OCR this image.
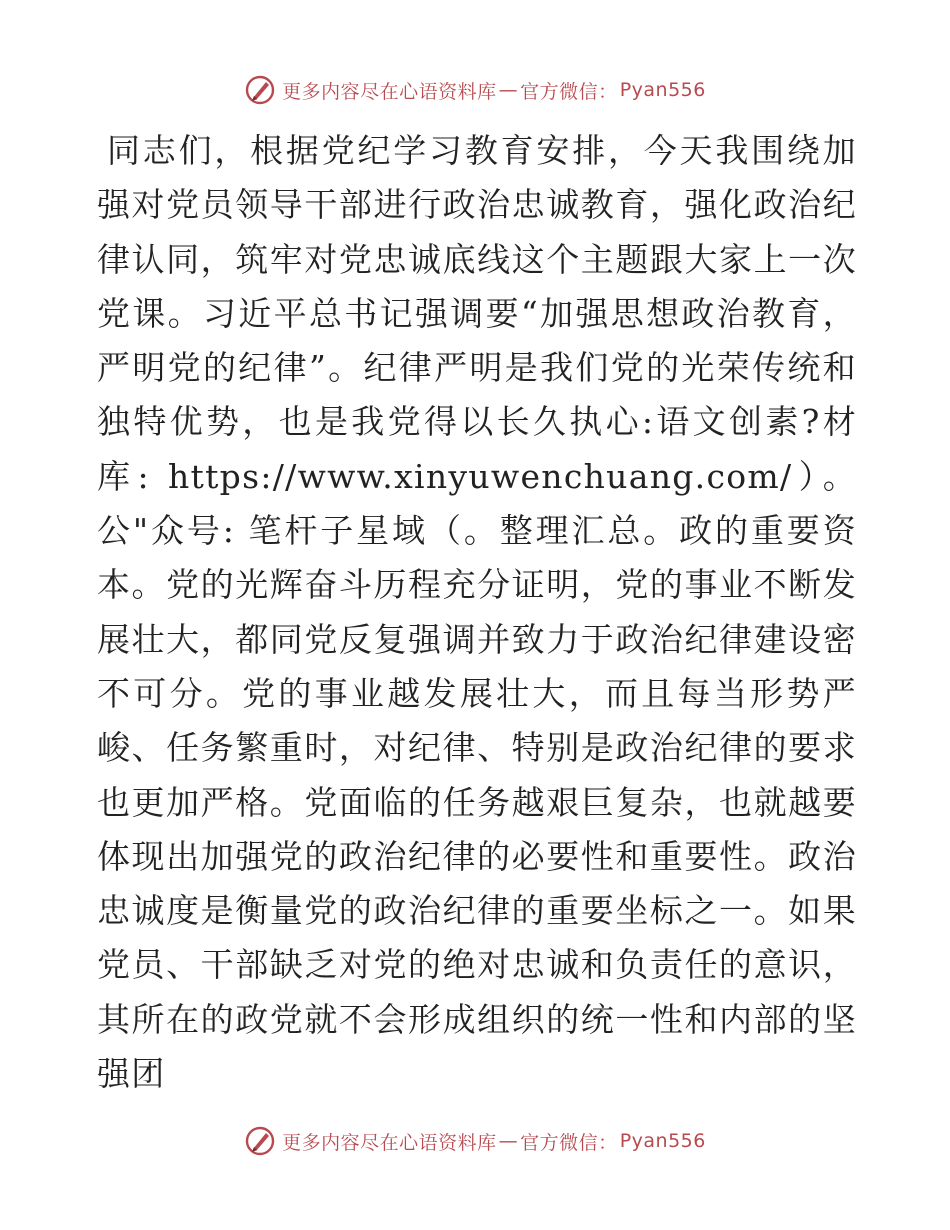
更多内容尽在心语资料库 — 官方微信： Pyan556

同志们，根据党纪学习教育安排，今天我围绕加强对党员领导干部进行政治忠诚教育，强化政治纪律认同，筑牢对党忠诚底线这个主题跟大家上一次党课。习近平总书记强调要“加强思想政治教育，严明党的纪律”。纪律严明是我们党的光荣传统和独特优势，也是我党得以长久执心:语文创素?材库: https://www.xinyuwenchuang.com/）。公"众号: 笔杆子星域（。整理汇总。政的重要资本。党的光辉奋斗历程充分证明，党的事业不断发展壮大，都同党反复强调并致力于政治纪律建设密不可分。党的事业越发展壮大，而且每当形势严峻、任务繁重时，对纪律、特别是政治纪律的要求也更加严格。党面临的任务越艰巨复杂，也就越要体现出加强党的政治纪律的必要性和重要性。政治忠诚度是衡量党的政治纪律的重要坐标之一。如果党员、干部缺乏对党的绝对忠诚和负责任的意识，其所在的政党就不会形成组织的统一性和内部的坚强团

更多内容尽在心语资料库 — 官方微信： Pyan556
